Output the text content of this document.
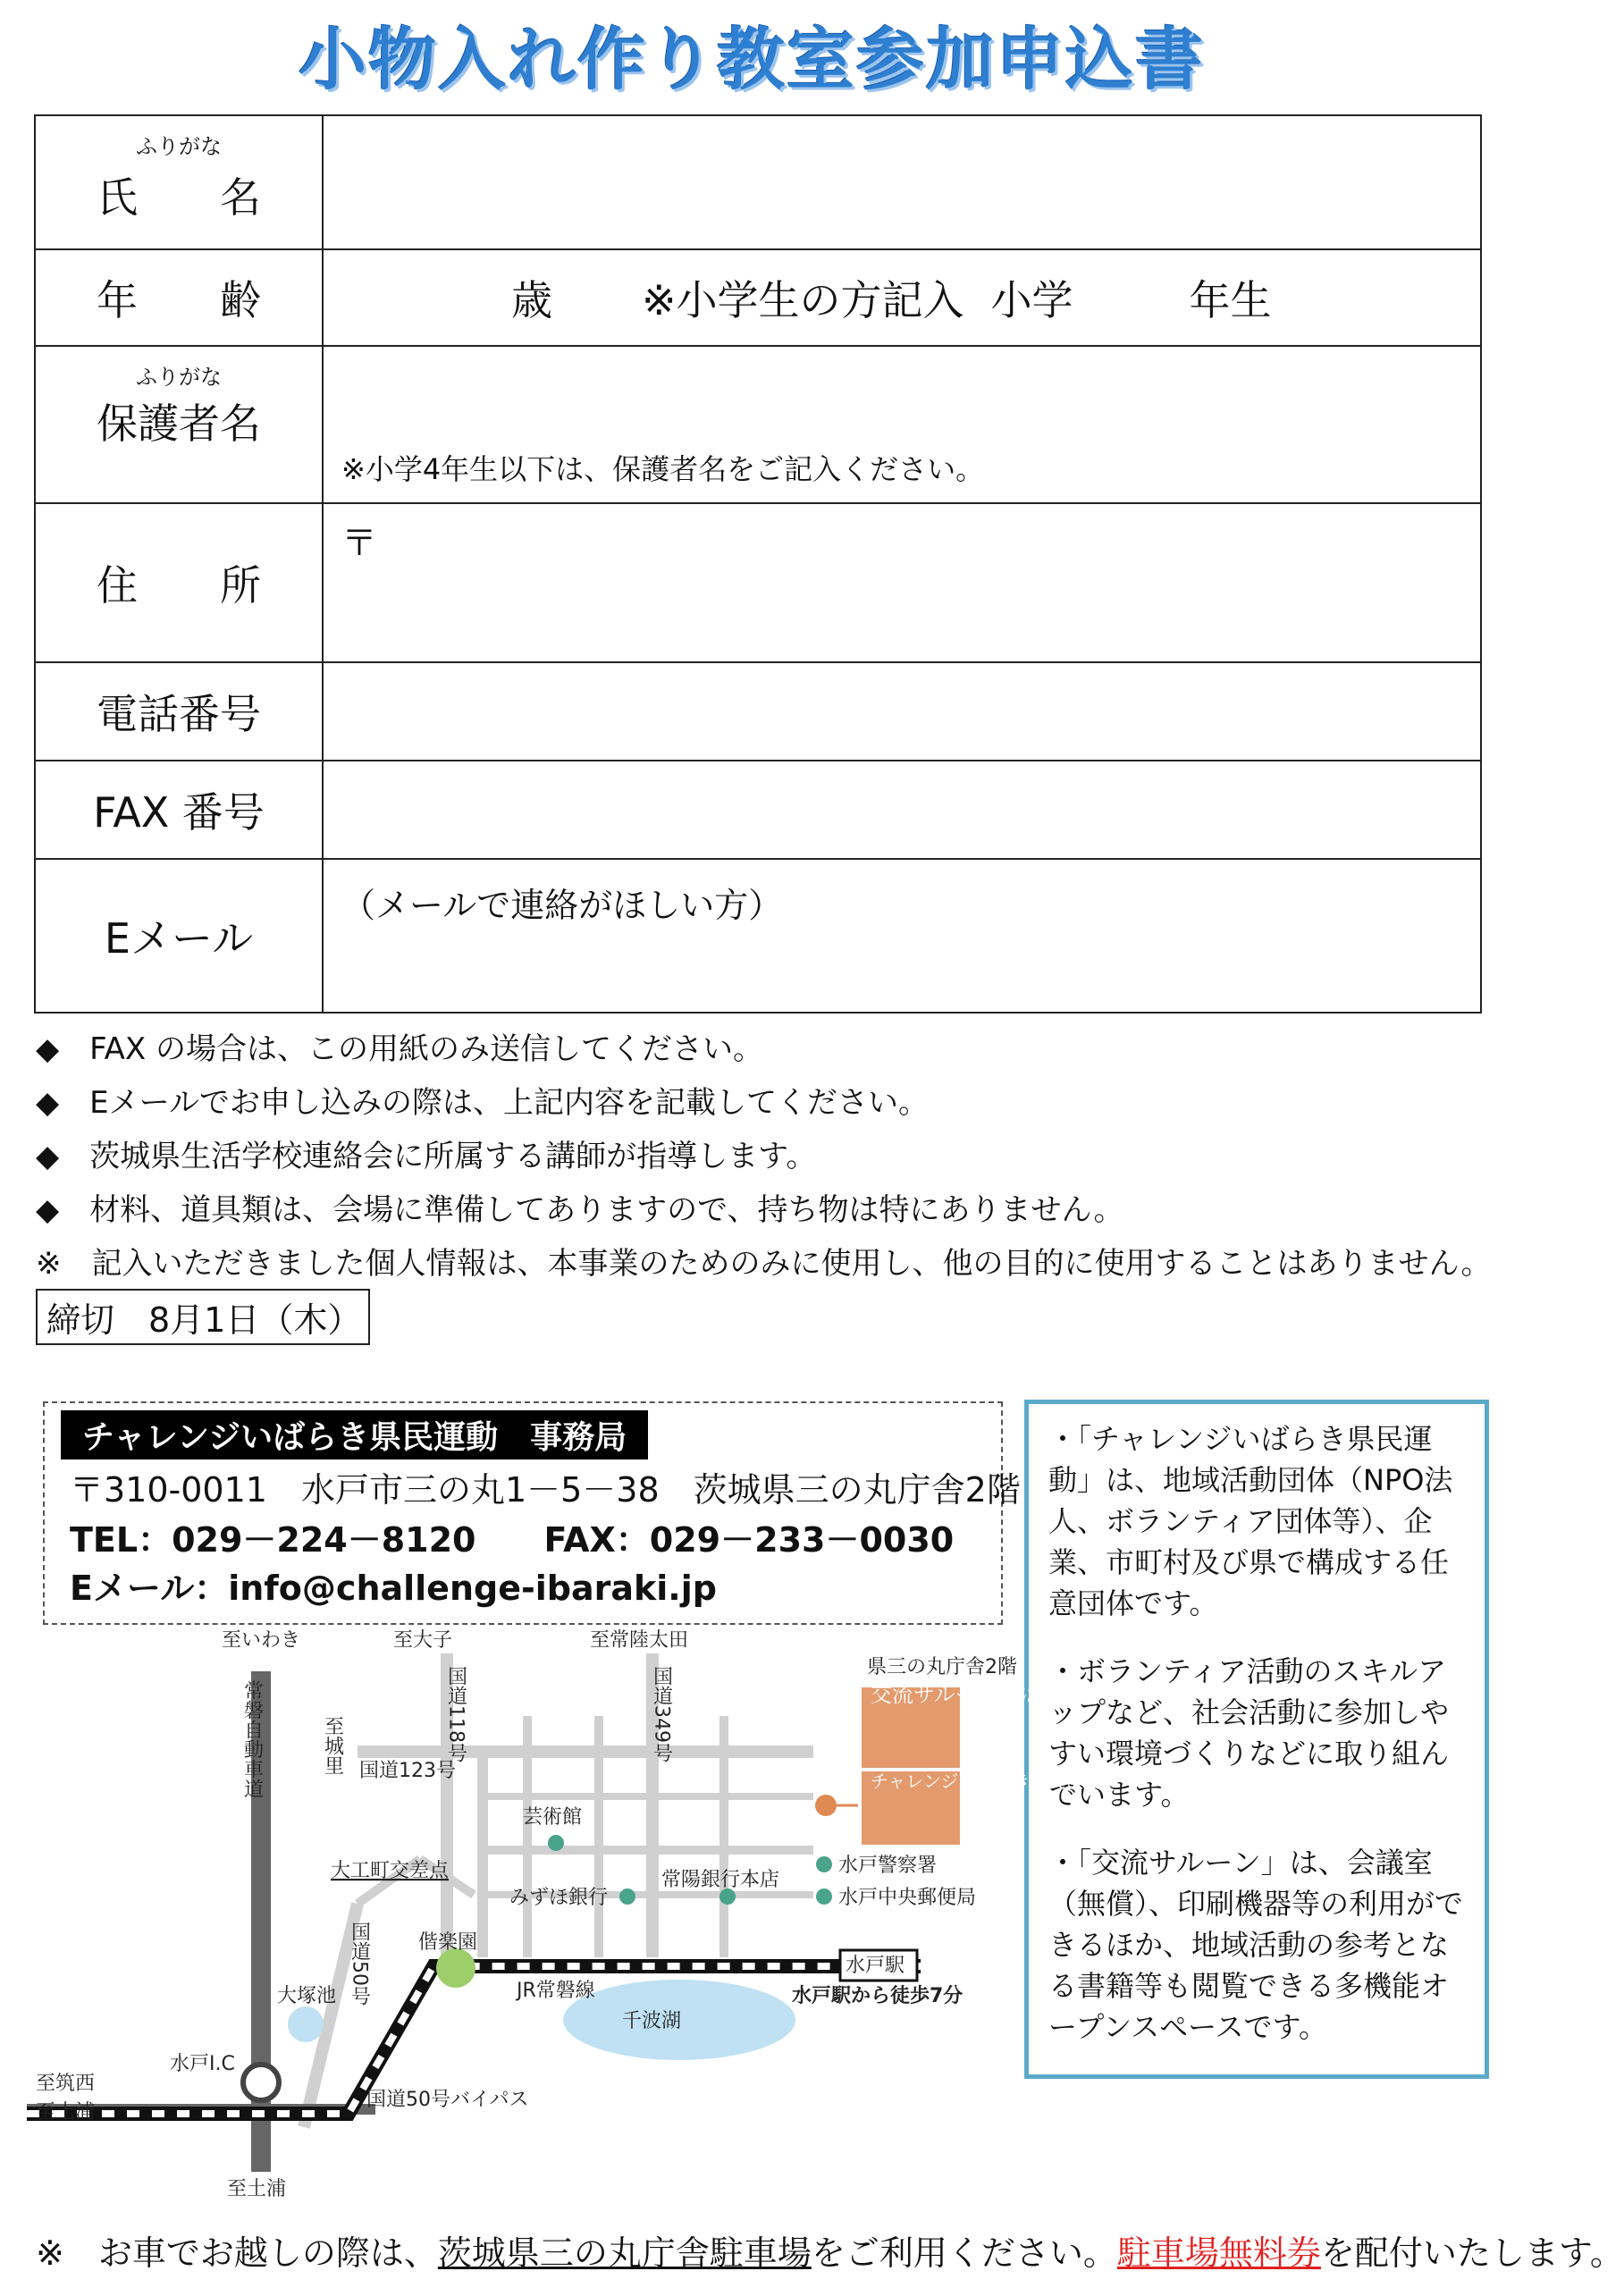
小物入れ作り教室参加申込書
ふりがな
氏　　名	
年　　齢	歳 ※小学生の方記入 小学 年生

ふりがな
保護者名	※小学4年生以下は、保護者名をご記入ください。

住　　所	〒

電話番号	
FAX 番号	
Eメール	（メールで連絡がほしい方）
◆　FAX の場合は、この用紙のみ送信してください。
◆　Eメールでお申し込みの際は、上記内容を記載してください。
◆　茨城県生活学校連絡会に所属する講師が指導します。
◆　材料、道具類は、会場に準備してありますので、持ち物は特にありません。
※　記入いただきました個人情報は、本事業のためのみに使用し、他の目的に使用することはありません。
締切　8月1日（木）
チャレンジいばらき県民運動　事務局
〒310-0011　水戸市三の丸1－5－38　茨城県三の丸庁舎2階
TEL：029－224－8120　　FAX：029－233－0030
Eメール：info@challenge-ibaraki.jp

・「チャレンジいばらき県民運動」は、地域活動団体（NPO法人、ボランティア団体等）、企業、市町村及び県で構成する任意団体です。

・ボランティア活動のスキルアップなど、社会活動に参加しやすい環境づくりなどに取り組んでいます。

・「交流サルーン」は、会議室（無償）、印刷機器等の利用ができるほか、地域活動の参考となる書籍等も閲覧できる多機能オープンスペースです。

至いわき	至大子	至常陸太田
県三の丸庁舎2階
国道123号
芸術館
大工町交差点
みずほ銀行
常陽銀行本店
水戸警察署
水戸中央郵便局
偕楽園
大塚池	JR常磐線
水戸駅
水戸駅から徒歩7分
千波湖
水戸I.C
至筑西
至土浦
国道50号バイパス
至土浦
常磐自動車道	国道118号	国道349号
至城里
国道50号
交流サルーンいばらき
チャレンジいばらき県民運動
※　お車でお越しの際は、茨城県三の丸庁舎駐車場をご利用ください。駐車場無料券を配付いたします。
